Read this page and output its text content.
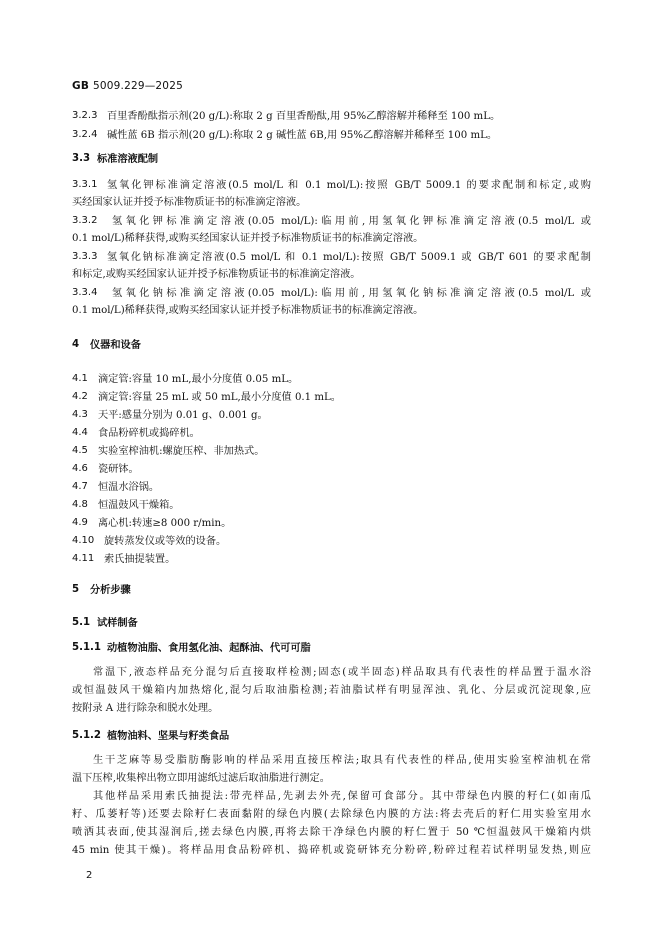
GB 5009.229—2025
3.2.3 百里香酚酞指示剂(20 g/L):称取 2 g 百里香酚酞,用 95%乙醇溶解并稀释至 100 mL。
3.2.4 碱性蓝 6B 指示剂(20 g/L):称取 2 g 碱性蓝 6B,用 95%乙醇溶解并稀释至 100 mL。
3.3 标准溶液配制
3.3.1 氢氧化钾标准滴定溶液(0.5 mol/L 和 0.1 mol/L):按照 GB/T 5009.1 的要求配制和标定,或购
买经国家认证并授予标准物质证书的标准滴定溶液。
3.3.2 氢氧化钾标准滴定溶液(0.05 mol/L):临用前,用氢氧化钾标准滴定溶液(0.5 mol/L 或
0.1 mol/L)稀释获得,或购买经国家认证并授予标准物质证书的标准滴定溶液。
3.3.3 氢氧化钠标准滴定溶液(0.5 mol/L 和 0.1 mol/L):按照 GB/T 5009.1 或 GB/T 601 的要求配制
和标定,或购买经国家认证并授予标准物质证书的标准滴定溶液。
3.3.4 氢氧化钠标准滴定溶液(0.05 mol/L):临用前,用氢氧化钠标准滴定溶液(0.5 mol/L 或
0.1 mol/L)稀释获得,或购买经国家认证并授予标准物质证书的标准滴定溶液。
4 仪器和设备
4.1 滴定管:容量 10 mL,最小分度值 0.05 mL。
4.2 滴定管:容量 25 mL 或 50 mL,最小分度值 0.1 mL。
4.3 天平:感量分别为 0.01 g、0.001 g。
4.4 食品粉碎机或捣碎机。
4.5 实验室榨油机:螺旋压榨、非加热式。
4.6 瓷研钵。
4.7 恒温水浴锅。
4.8 恒温鼓风干燥箱。
4.9 离心机:转速≥8 000 r/min。
4.10 旋转蒸发仪或等效的设备。
4.11 索氏抽提装置。
5 分析步骤
5.1 试样制备
5.1.1 动植物油脂、食用氢化油、起酥油、代可可脂
常温下,液态样品充分混匀后直接取样检测;固态(或半固态)样品取具有代表性的样品置于温水浴
或恒温鼓风干燥箱内加热熔化,混匀后取油脂检测;若油脂试样有明显浑浊、乳化、分层或沉淀现象,应
按附录 A 进行除杂和脱水处理。
5.1.2 植物油料、坚果与籽类食品
生干芝麻等易受脂肪酶影响的样品采用直接压榨法;取具有代表性的样品,使用实验室榨油机在常
温下压榨,收集榨出物立即用滤纸过滤后取油脂进行测定。
其他样品采用索氏抽提法:带壳样品,先剥去外壳,保留可食部分。其中带绿色内膜的籽仁(如南瓜
籽、瓜蒌籽等)还要去除籽仁表面黏附的绿色内膜(去除绿色内膜的方法:将去壳后的籽仁用实验室用水
喷洒其表面,使其湿润后,搓去绿色内膜,再将去除干净绿色内膜的籽仁置于 50 ℃恒温鼓风干燥箱内烘
45 min 使其干燥)。将样品用食品粉碎机、捣碎机或瓷研钵充分粉碎,粉碎过程若试样明显发热,则应
2
